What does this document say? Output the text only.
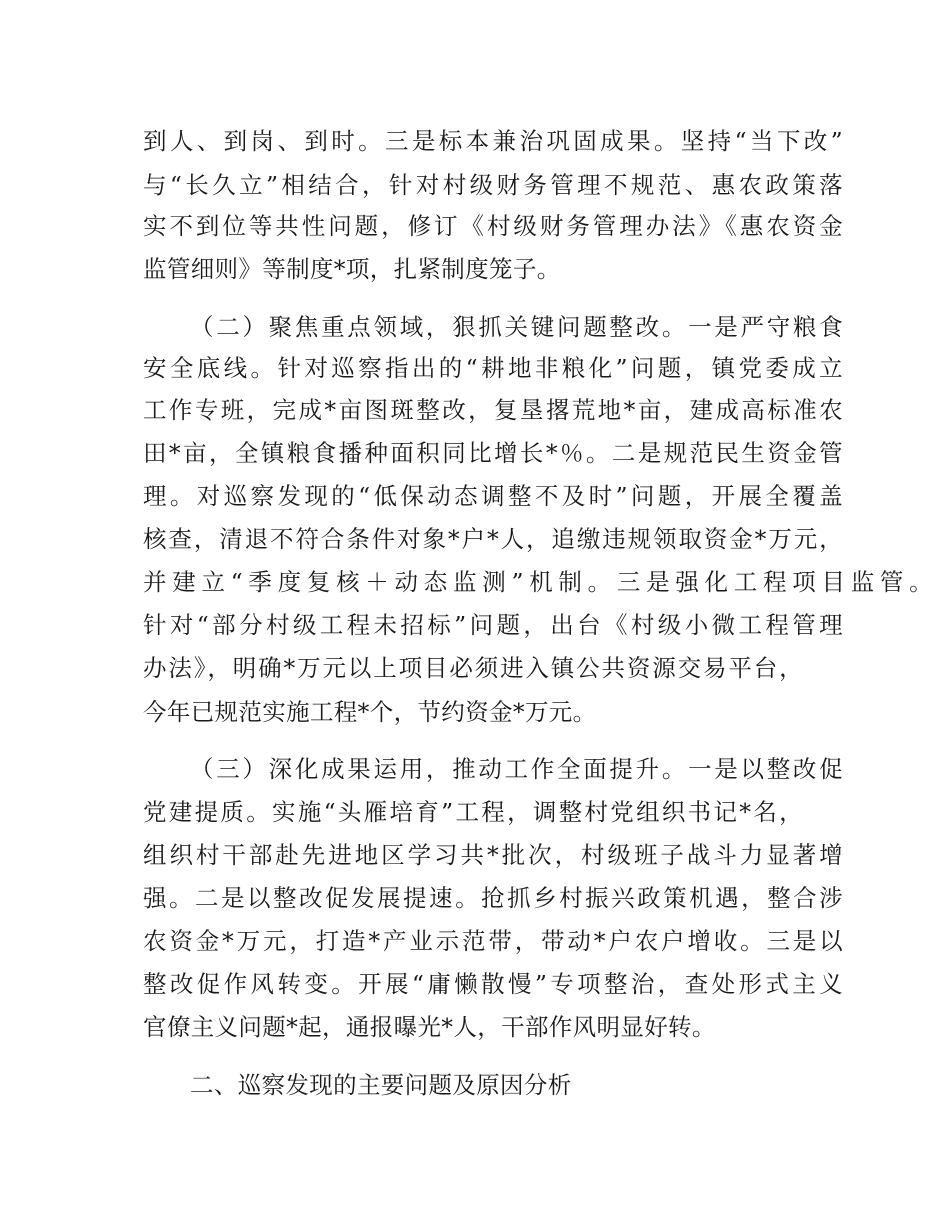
到人、到岗、到时。三是标本兼治巩固成果。坚持“当下改”
与“长久立”相结合，针对村级财务管理不规范、惠农政策落
实不到位等共性问题，修订《村级财务管理办法》《惠农资金
监管细则》等制度*项，扎紧制度笼子。
（二）聚焦重点领域，狠抓关键问题整改。一是严守粮食
安全底线。针对巡察指出的“耕地非粮化”问题，镇党委成立
工作专班，完成*亩图斑整改，复垦撂荒地*亩，建成高标准农
田*亩，全镇粮食播种面积同比增长*％。二是规范民生资金管
理。对巡察发现的“低保动态调整不及时”问题，开展全覆盖
核查，清退不符合条件对象*户*人，追缴违规领取资金*万元，
并建立“季度复核＋动态监测”机制。三是强化工程项目监管。
针对“部分村级工程未招标”问题，出台《村级小微工程管理
办法》，明确*万元以上项目必须进入镇公共资源交易平台，
今年已规范实施工程*个，节约资金*万元。
（三）深化成果运用，推动工作全面提升。一是以整改促
党建提质。实施“头雁培育”工程，调整村党组织书记*名，
组织村干部赴先进地区学习共*批次，村级班子战斗力显著增
强。二是以整改促发展提速。抢抓乡村振兴政策机遇，整合涉
农资金*万元，打造*产业示范带，带动*户农户增收。三是以
整改促作风转变。开展“庸懒散慢”专项整治，查处形式主义
官僚主义问题*起，通报曝光*人，干部作风明显好转。
二、巡察发现的主要问题及原因分析
